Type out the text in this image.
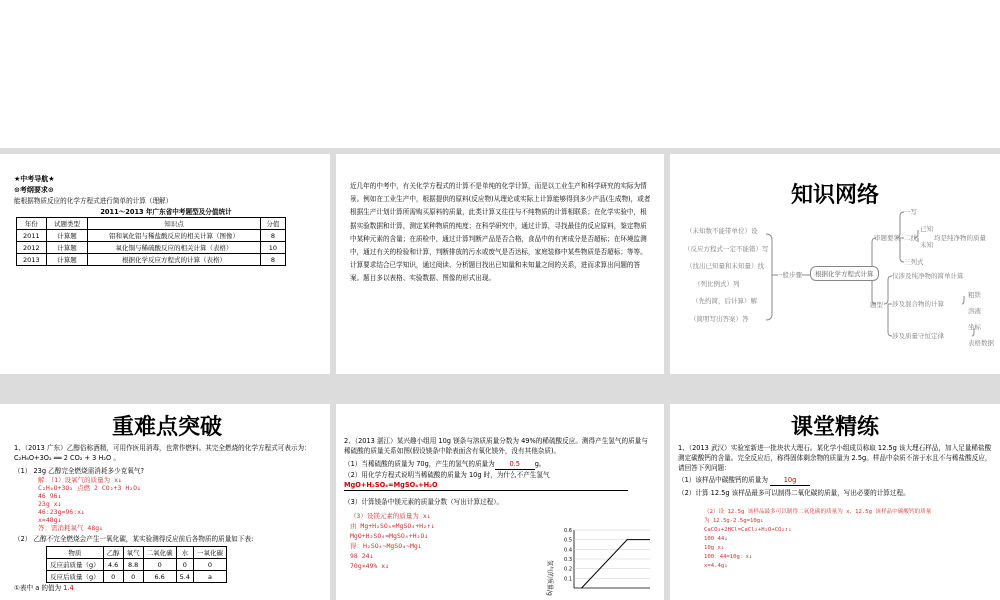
★中考导航★
⊙考纲要求⊙
能根据物质反应的化学方程式进行简单的计算（理解）
2011～2013 年广东省中考题型及分值统计
年份	试题类型	知识点	分值
2011	计算题	铝和氧化铝与稀盐酸反应的相关计算（图像）	8
2012	计算题	氧化铜与稀硫酸反应的相关计算（表格）	10
2013	计算题	根据化学反应方程式的计算（表格）	8
近几年的中考中，有关化学方程式的计算不是单纯的化学计算，而是以工业生产和科学研究的实际为情景。例如在工业生产中，根据提供的原料(反应物)从理论或实际上计算能够得到多少产品(生成物)，或者根据生产计划计算所需购买原料的质量，此类计算又往往与不纯物质的计算相联系；在化学实验中，根据实验数据和计算，测定某种物质的纯度；在科学研究中，通过计算，寻找最佳的反应原料，鉴定物质中某种元素的含量；在质检中，通过计算判断产品是否合格，食品中的有害成分是否超标；在环境监测中，通过有关的检验和计算，判断排放的污水或废气是否达标，家庭装修中某些物质是否超标；等等。计算要求结合已学知识，通过阅读、分析题目找出已知量和未知量之间的关系，进而求算出问题的答案。题目多以表格、实验数据、图像的形式出现。
知识网络
（未知数不能带单位）设
（反应方程式一定不能错）写
（找出已知量和未知量）找
（列比例式）列
（先约简，后计算）解
（简明写出答案）答
一般步骤	根据化学方程式计算
审题要领
一写
二找
三列式
已知
未知
均是纯净物的质量
题型
仅涉及纯净物的简单计算
涉及混合物的计算
涉及质量守恒定律
粗铁
溶液
坐标
表格数据
重难点突破
1、（2013 广东）乙醇俗称酒精，可用作医用消毒，也常作燃料。其完全燃烧的化学方程式可表示为：C₂H₆O+3O₂ ══ 2 CO₂ + 3 H₂O 。
（1） 23g 乙醇完全燃烧需消耗多少克氧气?
解：（1）设氧气的质量为 x↓
C₂H₆O+3O₂ 点燃 2 CO₂+3 H₂O↓
46 96↓
23g x↓
46:23g=96:x↓
x=48g↓
答：需消耗氧气 48g↓
（2） 乙醇不完全燃烧会产生一氧化碳，某实验测得反应前后各物质的质量如下表:
物质	乙醇	氧气	二氧化碳	水	一氧化碳
反应前质量（g）	4.6	8.8	0	0	0
反应后质量（g）	0	0	6.6	5.4	a
①表中 a 的值为 1.4
2、（2013 湛江）某兴趣小组用 10g 镁条与溶质质量分数为 49%的稀硫酸反应。测得产生氢气的质量与稀硫酸的质量关系如图(假设镁条中除表面含有氧化镁外，没有其他杂质)。
（1）当稀硫酸的质量为 70g，产生的氢气的质量为 0.5 g。
（2）用化学方程式说明当稀硫酸的质量为 10g 时，为什么不产生氢气
MgO+H₂SO₄=MgSO₄+H₂O
（3）计算镁条中镁元素的质量分数（写出计算过程）。
（3）设镁元素的质量为 x↓
由 Mg+H₂SO₄=MgSO₄+H₂↑↓
MgO+H₂SO₄=MgSO₄+H₂O↓
得：H₂SO₄~MgSO₄~Mg↓
98 24↓
70g×49% x↓	氢气的质量/g 0.1
0.2
0.3
0.4
0.5
0.6
课堂精练
1、（2013 武汉）实验室新进一批块状大理石。某化学小组成员称取 12.5g 该大理石样品，加入足量稀盐酸测定碳酸钙的含量。完全反应后，称得固体剩余物的质量为 2.5g。样品中杂质不溶于水且不与稀盐酸反应，请回答下列问题：
（1）该样品中碳酸钙的质量为 10g
（2）计算 12.5g 该样品最多可以制得二氧化碳的质量，写出必要的计算过程。
（2）设 12.5g 该样品最多可以制得二氧化碳的质量为 x，12.5g 该样品中碳酸钙的质量
为 12.5g-2.5g=10g↓
CaCO₃+2HCl=CaCl₂+H₂O+CO₂↑↓
100 44↓
10g x↓
100：44=10g：x↓
x=4.4g↓
